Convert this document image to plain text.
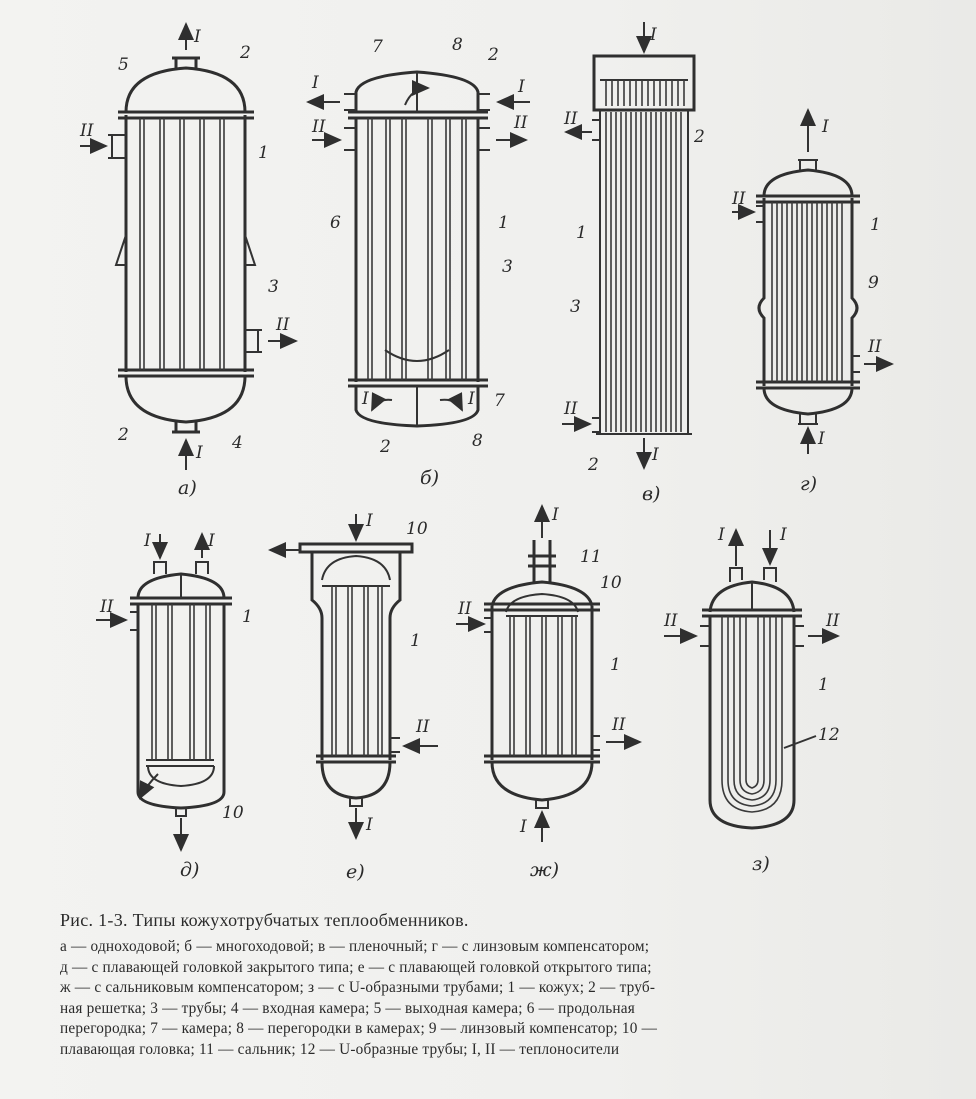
I
5
2
II
1
3
II
2	4
I
а)
7	8 2
I	I
II	II
6	1
3
I	I 7
2	8
б)
I
2
II
1
3
II
2	I
в)
I
II
1
9
II
I
г)
I	I
II	1
10
д)
I 10
1
II
I
е)
I
11
10
II
1
II
I
ж)
I	I
II	II
1
12
з)

Рис. 1-3. Типы кожухотрубчатых теплообменников.

а — одноходовой; б — многоходовой; в — пленочный; г — с линзовым компенсатором;
д — с плавающей головкой закрытого типа; е — с плавающей головкой открытого типа;
ж — с сальниковым компенсатором; з — с U-образными трубами; 1 — кожух; 2 — труб-
ная решетка; 3 — трубы; 4 — входная камера; 5 — выходная камера; 6 — продольная
перегородка; 7 — камера; 8 — перегородки в камерах; 9 — линзовый компенсатор; 10 —
плавающая головка; 11 — сальник; 12 — U-образные трубы; I, II — теплоносители
